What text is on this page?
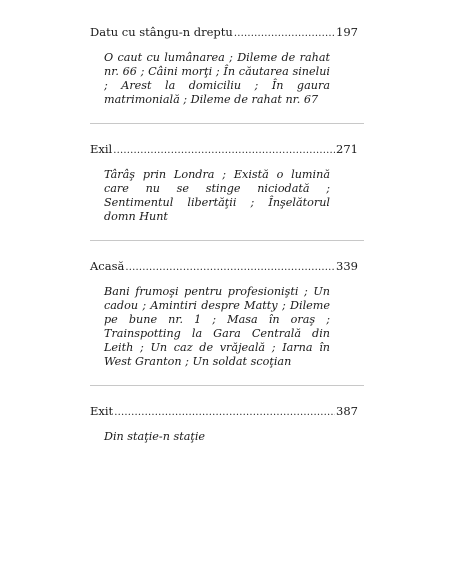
Datu cu stângu-n dreptu .....	197
O caut cu lumânarea ; Dileme de rahat nr. 66 ; Câini morţi ; În căutarea sinelui ; Arest la domiciliu ; În gaura matrimonială ; Dileme de rahat nr. 67
Exil .....	271
Târâş prin Londra ; Există o lumină care nu se stinge niciodată ; Sentimentul libertăţii ; Înşelătorul domn Hunt
Acasă .....	339
Bani frumoşi pentru profesionişti ; Un cadou ; Amintiri despre Matty ; Dileme pe bune nr. 1 ; Masa în oraş ; Trainspotting la Gara Centrală din Leith ; Un caz de vrăjeală ; Iarna în West Granton ; Un soldat scoţian
Exit .....	387
Din staţie-n staţie
